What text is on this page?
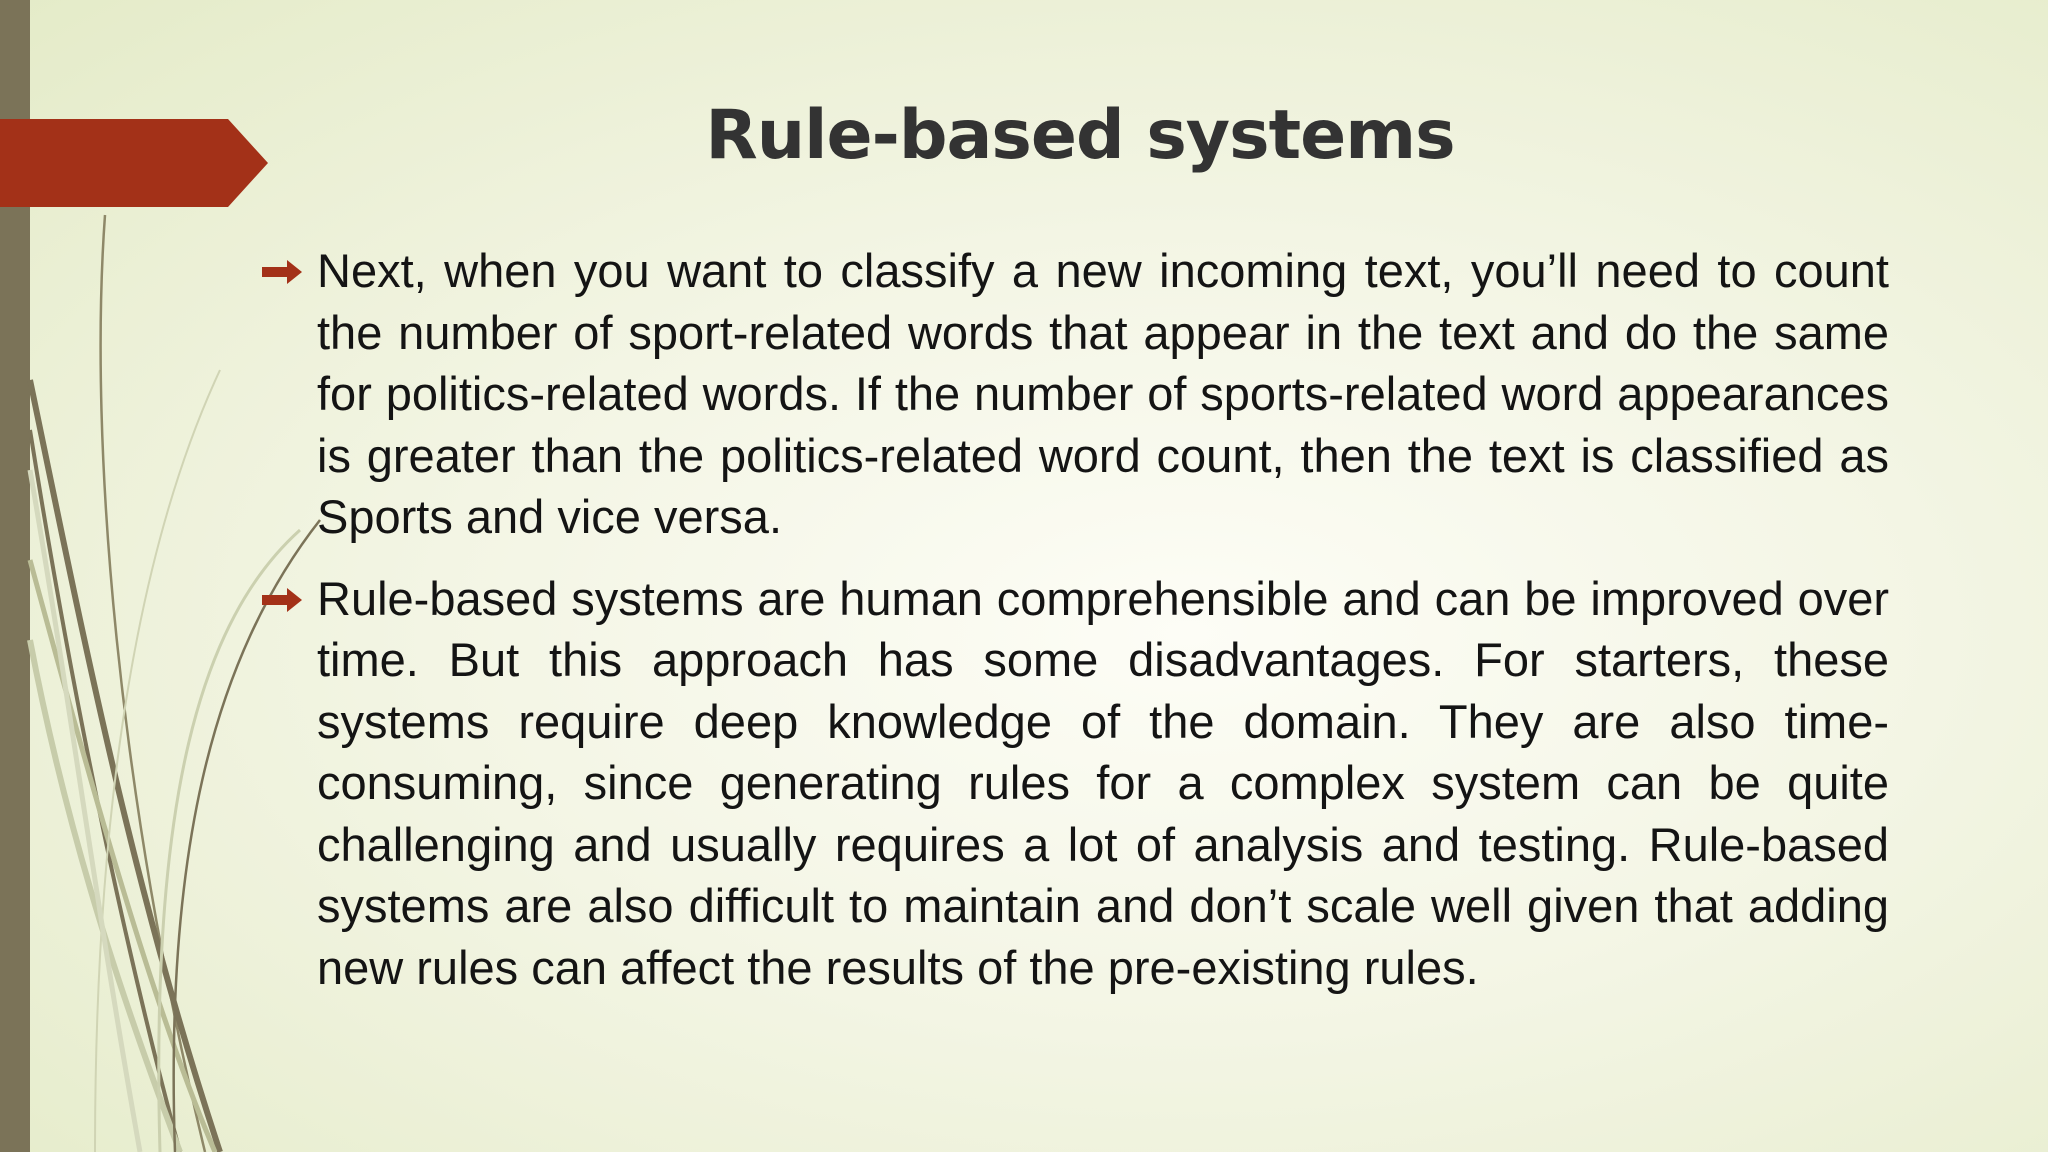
Rule-based systems
Next, when you want to classify a new incoming text, you’ll need to count the number of sport-related words that appear in the text and do the same for politics-related words. If the number of sports-related word appearances is greater than the politics-related word count, then the text is classified as Sports and vice versa.
Rule-based systems are human comprehensible and can be improved over time. But this approach has some disadvantages. For starters, these systems require deep knowledge of the domain. They are also time-consuming, since generating rules for a complex system can be quite challenging and usually requires a lot of analysis and testing. Rule-based systems are also difficult to maintain and don’t scale well given that adding new rules can affect the results of the pre-existing rules.
